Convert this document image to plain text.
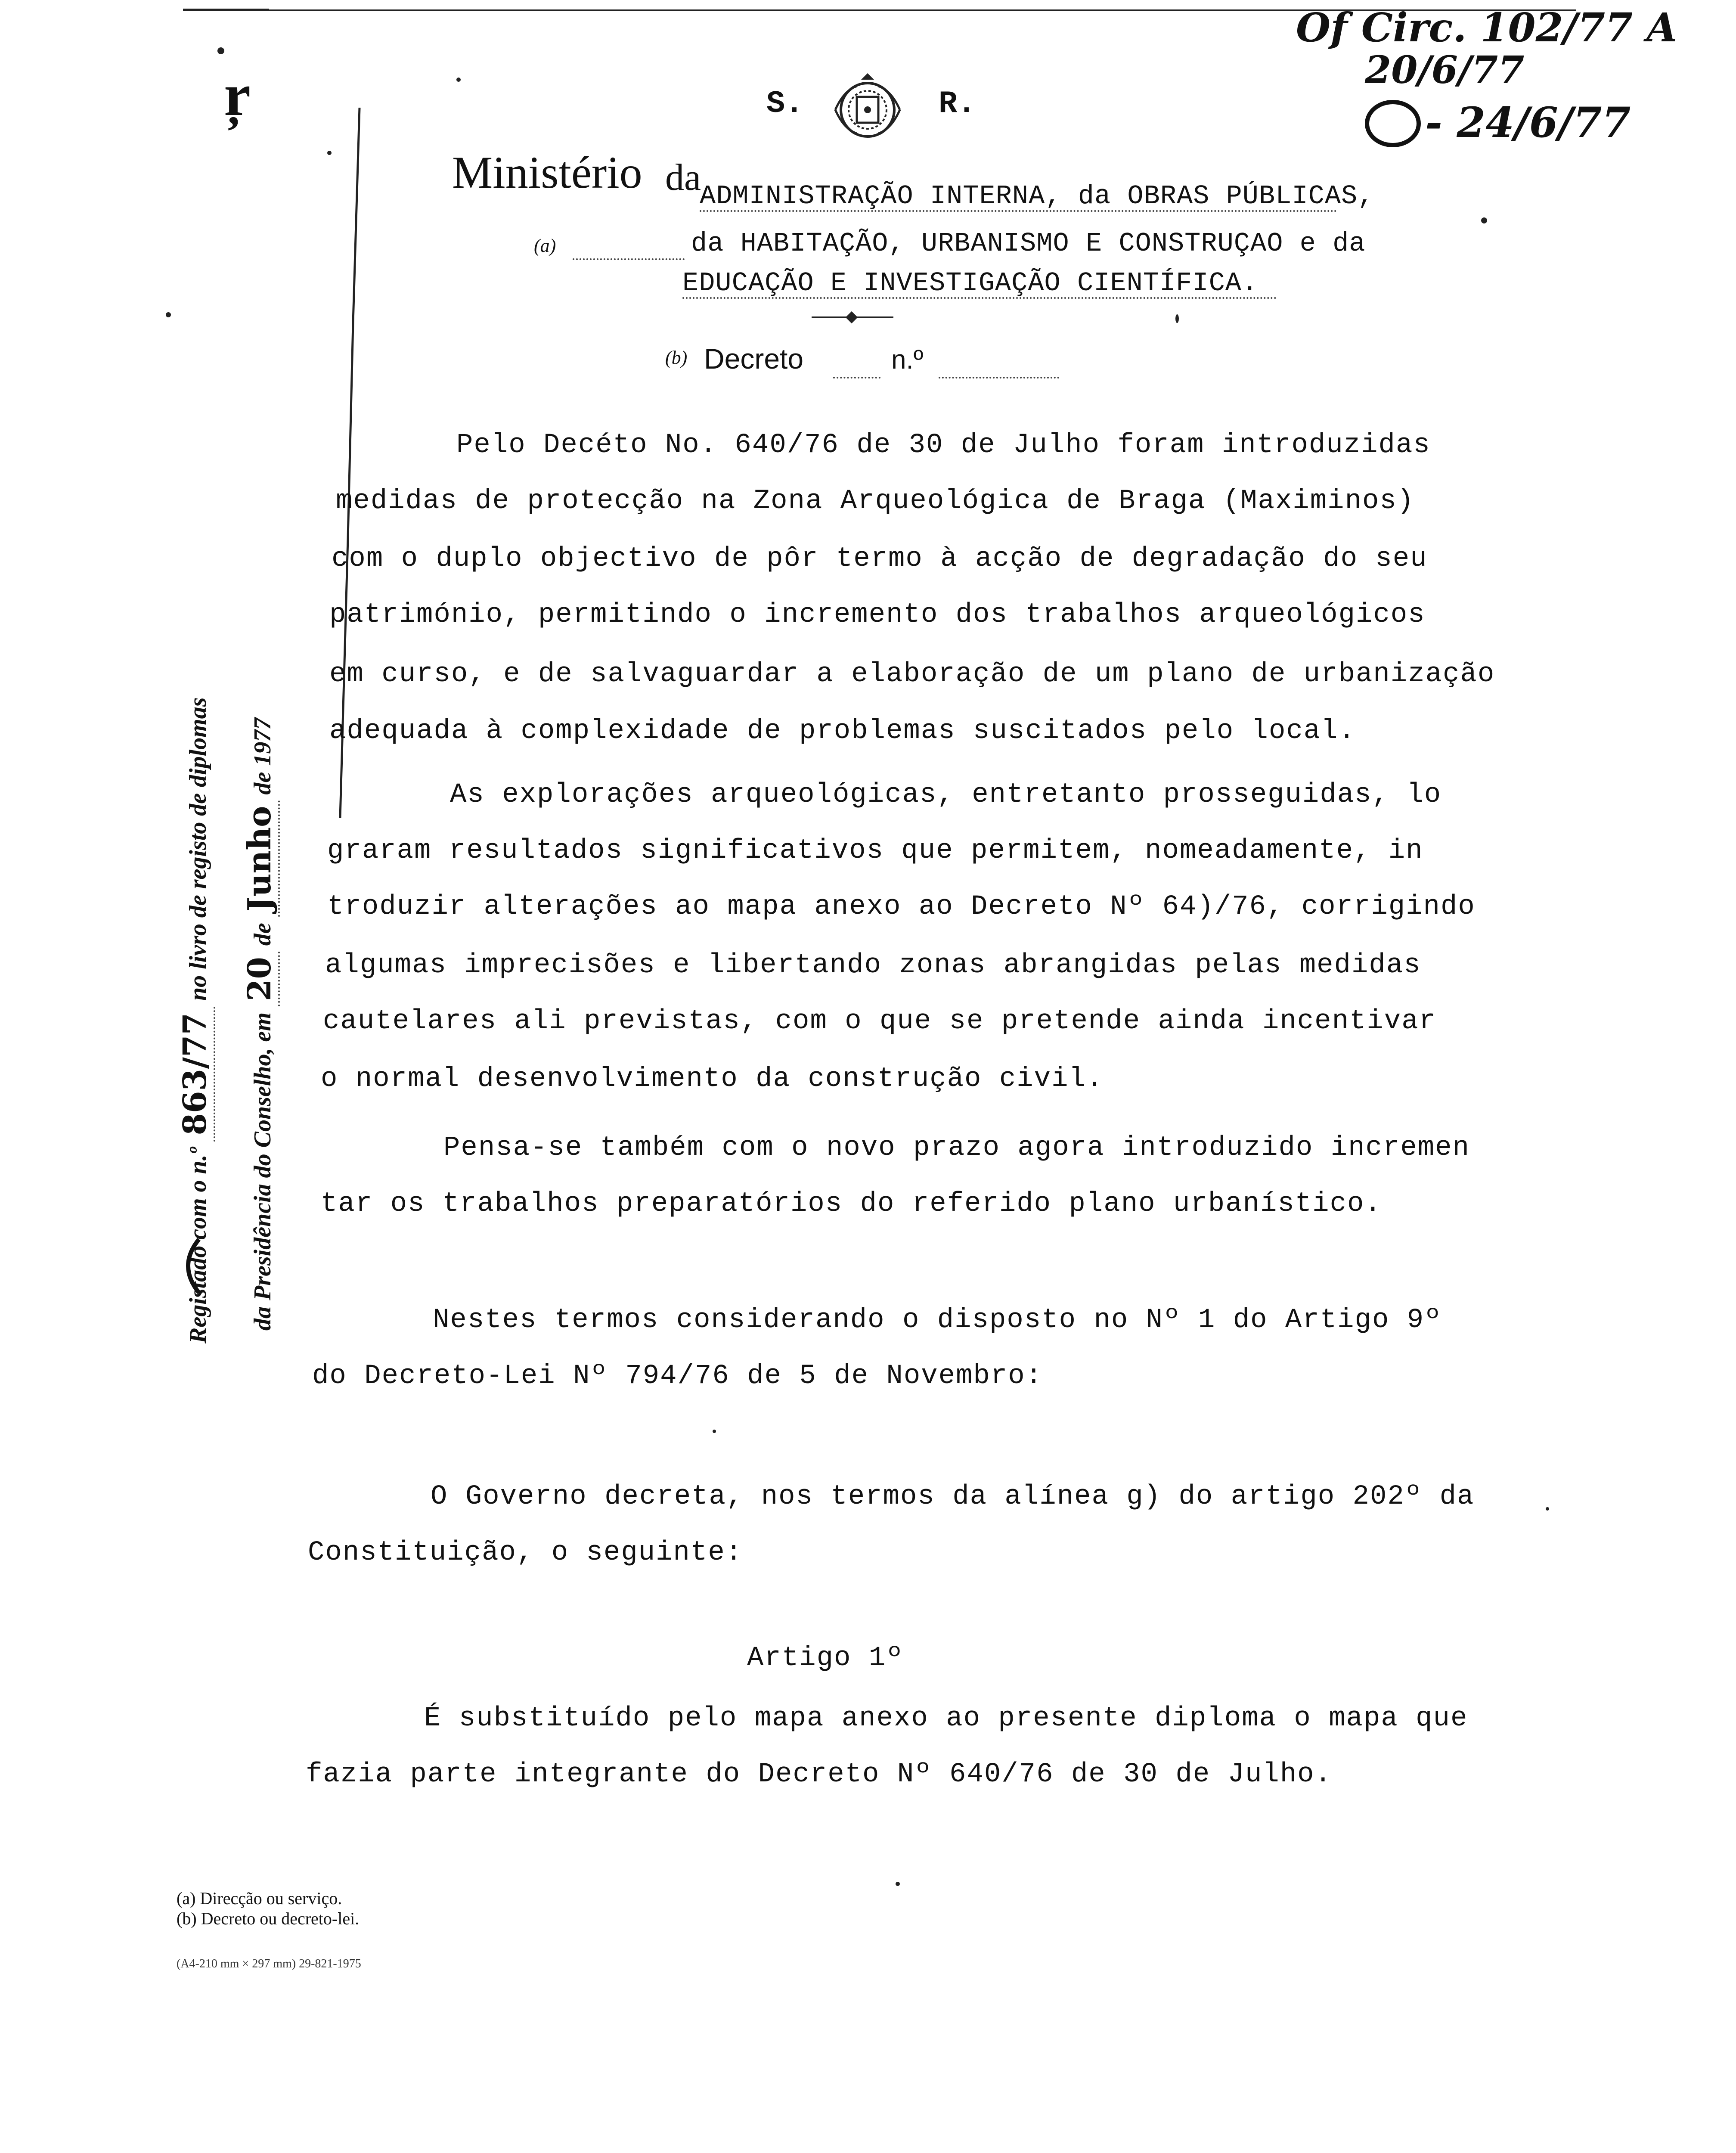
ŗ
Of Circ. 102/77 A
20/6/77
- 24/6/77
S.	R.
Ministério da
ADMINISTRAÇÃO INTERNA, da OBRAS PÚBLICAS,
(a)	da HABITAÇÃO, URBANISMO E CONSTRUÇAO e da
EDUCAÇÃO E INVESTIGAÇÃO CIENTÍFICA.
(b) Decreto	n.º
Registado com o n.º 863/77 no livro de registo de diplomas
da Presidência do Conselho, em 20 de Junho de 1977
Pelo Decéto No. 640/76 de 30 de Julho foram introduzidas
medidas de protecção na Zona Arqueológica de Braga (Maximinos)
com o duplo objectivo de pôr termo à acção de degradação do seu
património, permitindo o incremento dos trabalhos arqueológicos
em curso, e de salvaguardar a elaboração de um plano de urbanização
adequada à complexidade de problemas suscitados pelo local.
As explorações arqueológicas, entretanto prosseguidas, lo
graram resultados significativos que permitem, nomeadamente, in
troduzir alterações ao mapa anexo ao Decreto Nº 64)/76, corrigindo
algumas imprecisões e libertando zonas abrangidas pelas medidas
cautelares ali previstas, com o que se pretende ainda incentivar
o normal desenvolvimento da construção civil.
Pensa-se também com o novo prazo agora introduzido incremen
tar os trabalhos preparatórios do referido plano urbanístico.
Nestes termos considerando o disposto no Nº 1 do Artigo 9º
do Decreto-Lei Nº 794/76 de 5 de Novembro:
O Governo decreta, nos termos da alínea g) do artigo 202º da
Constituição, o seguinte:
Artigo 1º
É substituído pelo mapa anexo ao presente diploma o mapa que
fazia parte integrante do Decreto Nº 640/76 de 30 de Julho.
(a) Direcção ou serviço.
(b) Decreto ou decreto-lei.
(A4-210 mm × 297 mm) 29-821-1975
